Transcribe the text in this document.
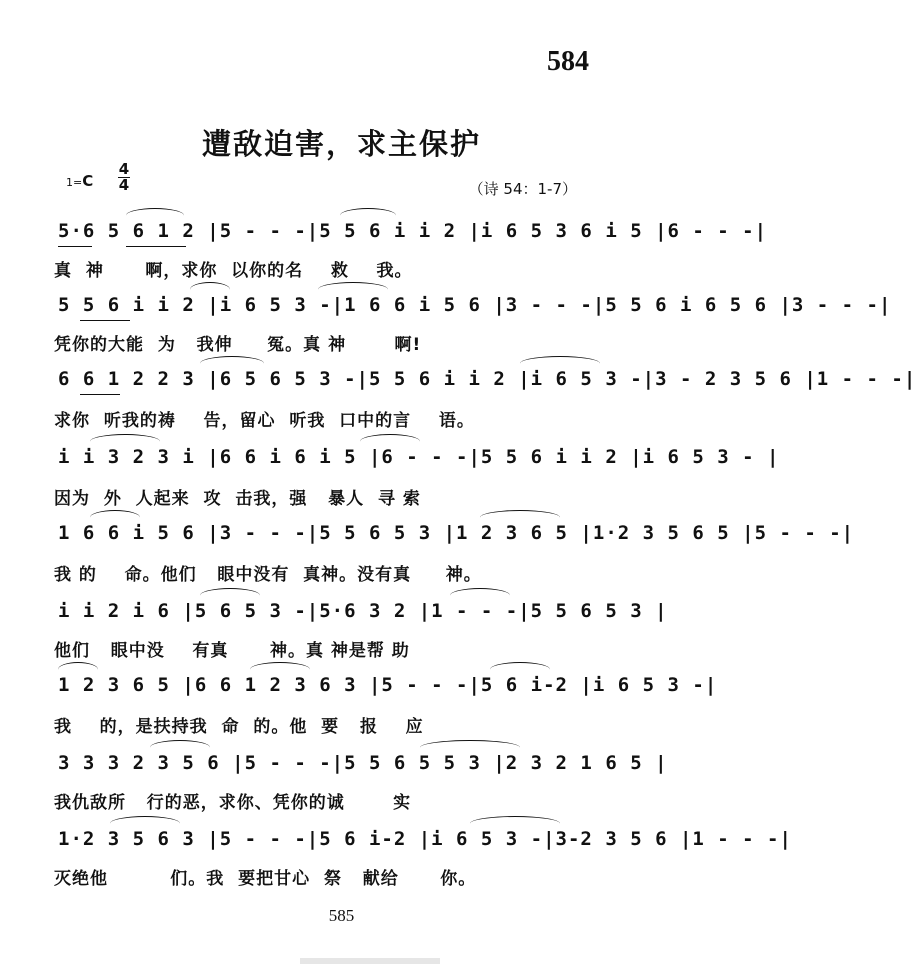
584
遭敌迫害，求主保护
1=C
4
4	（诗 54：1-7）
5·6 5 6 1 2 |5 - - -|5 5 6 i i 2 |i 6 5 3 6 i 5 |6 - - -|
真  神      啊，求你  以你的名    救    我。
5 5 6 i i 2 |i 6 5 3 -|1 6 6 i 5 6 |3 - - -|5 5 6 i 6 5 6 |3 - - -|
凭你的大能  为   我伸     冤。真 神       啊!
6 6 1 2 2 3 |6 5 6 5 3 -|5 5 6 i i 2 |i 6 5 3 -|3 - 2 3 5 6 |1 - - -|
求你  听我的祷    告，留心  听我  口中的言    语。
i i 3 2 3 i |6 6 i 6 i 5 |6 - - -|5 5 6 i i 2 |i 6 5 3 - |
因为  外  人起来  攻  击我，强   暴人  寻 索
1 6 6 i 5 6 |3 - - -|5 5 6 5 3 |1 2 3 6 5 |1·2 3 5 6 5 |5 - - -|
我 的    命。他们   眼中没有  真神。没有真     神。
i i 2 i 6 |5 6 5 3 -|5·6 3 2 |1 - - -|5 5 6 5 3 |
他们   眼中没    有真      神。真 神是帮 助
1 2 3 6 5 |6 6 1 2 3 6 3 |5 - - -|5 6 i-2 |i 6 5 3 -|
我    的，是扶持我  命  的。他  要   报    应
3 3 3 2 3 5 6 |5 - - -|5 5 6 5 5 3 |2 3 2 1 6 5 |
我仇敌所   行的恶，求你、凭你的诚       实
1·2 3 5 6 3 |5 - - -|5 6 i-2 |i 6 5 3 -|3-2 3 5 6 |1 - - -|
灭绝他         们。我  要把甘心  祭   献给      你。
585
